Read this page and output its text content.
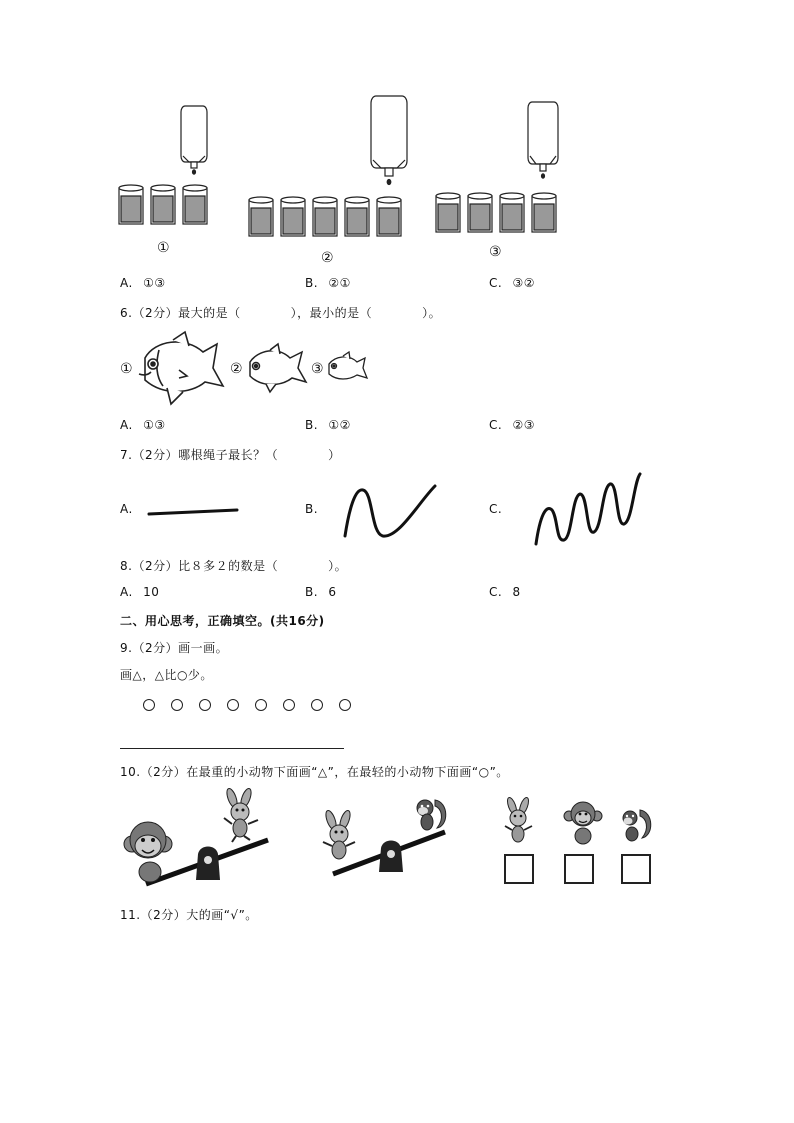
①
②	③
A. ①③	B. ②①	C. ③②
6.（2分）最大的是（　　　　），最小的是（　　　　）。
①	②	③
A. ①③	B. ①②	C. ②③
7.（2分）哪根绳子最长？（　　　　）
A.	B.	C.
8.（2分）比８多２的数是（　　　　）。
A. 10	B. 6	C. 8
二、用心思考，正确填空。(共16分)
9.（2分）画一画。
画△，△比○少。
10.（2分）在最重的小动物下面画“△”，在最轻的小动物下面画“○”。
11.（2分）大的画“√”。
